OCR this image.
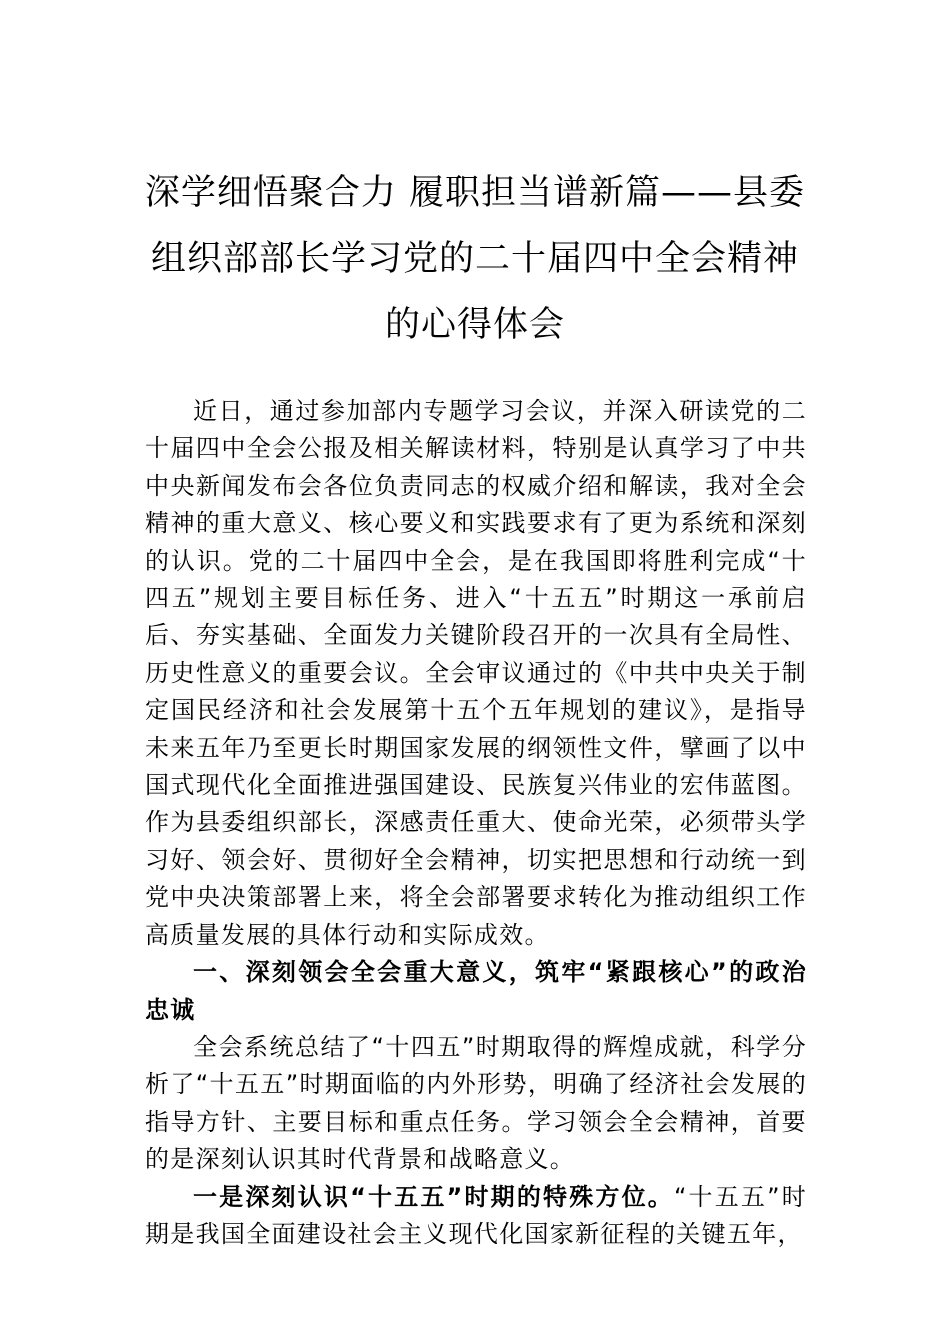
深学细悟聚合力 履职担当谱新篇——县委组织部部长学习党的二十届四中全会精神的心得体会

近日，通过参加部内专题学习会议，并深入研读党的二十届四中全会公报及相关解读材料，特别是认真学习了中共中央新闻发布会各位负责同志的权威介绍和解读，我对全会精神的重大意义、核心要义和实践要求有了更为系统和深刻的认识。党的二十届四中全会，是在我国即将胜利完成“十四五”规划主要目标任务、进入“十五五”时期这一承前启后、夯实基础、全面发力关键阶段召开的一次具有全局性、历史性意义的重要会议。全会审议通过的《中共中央关于制定国民经济和社会发展第十五个五年规划的建议》，是指导未来五年乃至更长时期国家发展的纲领性文件，擘画了以中国式现代化全面推进强国建设、民族复兴伟业的宏伟蓝图。作为县委组织部长，深感责任重大、使命光荣，必须带头学习好、领会好、贯彻好全会精神，切实把思想和行动统一到党中央决策部署上来，将全会部署要求转化为推动组织工作高质量发展的具体行动和实际成效。

一、深刻领会全会重大意义，筑牢“紧跟核心”的政治忠诚

全会系统总结了“十四五”时期取得的辉煌成就，科学分析了“十五五”时期面临的内外形势，明确了经济社会发展的指导方针、主要目标和重点任务。学习领会全会精神，首要的是深刻认识其时代背景和战略意义。

一是深刻认识“十五五”时期的特殊方位。“十五五”时期是我国全面建设社会主义现代化国家新征程的关键五年，
